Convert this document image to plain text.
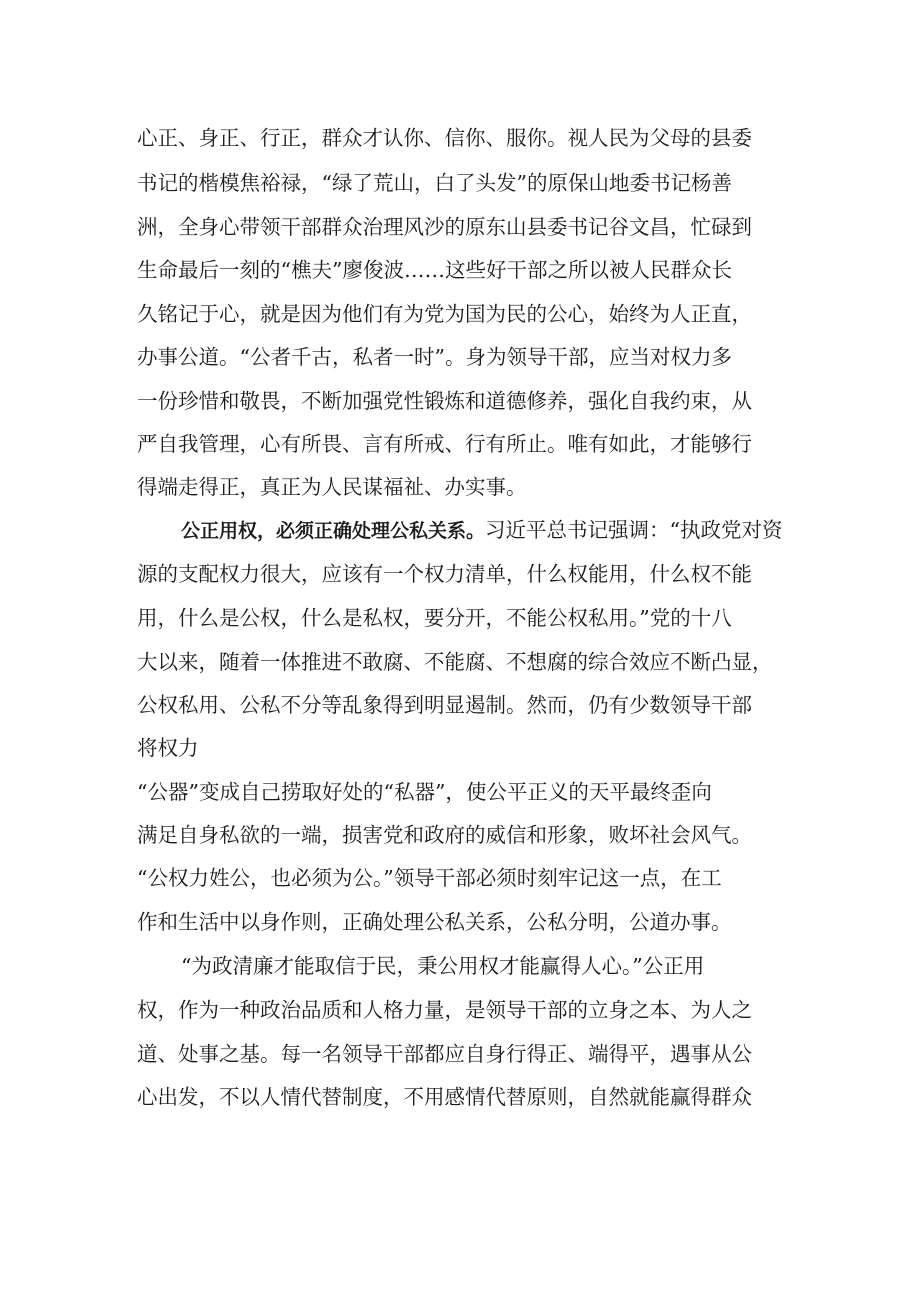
心正、身正、行正，群众才认你、信你、服你。视人民为父母的县委
书记的楷模焦裕禄，“绿了荒山，白了头发”的原保山地委书记杨善
洲，全身心带领干部群众治理风沙的原东山县委书记谷文昌，忙碌到
生命最后一刻的“樵夫”廖俊波……这些好干部之所以被人民群众长
久铭记于心，就是因为他们有为党为国为民的公心，始终为人正直，
办事公道。“公者千古，私者一时”。身为领导干部，应当对权力多
一份珍惜和敬畏，不断加强党性锻炼和道德修养，强化自我约束，从
严自我管理，心有所畏、言有所戒、行有所止。唯有如此，才能够行
得端走得正，真正为人民谋福祉、办实事。
公正用权，必须正确处理公私关系。习近平总书记强调：“执政党对资
源的支配权力很大，应该有一个权力清单，什么权能用，什么权不能
用，什么是公权，什么是私权，要分开，不能公权私用。”党的十八
大以来，随着一体推进不敢腐、不能腐、不想腐的综合效应不断凸显，
公权私用、公私不分等乱象得到明显遏制。然而，仍有少数领导干部
将权力
“公器”变成自己捞取好处的“私器”，使公平正义的天平最终歪向
满足自身私欲的一端，损害党和政府的威信和形象，败坏社会风气。
“公权力姓公，也必须为公。”领导干部必须时刻牢记这一点，在工
作和生活中以身作则，正确处理公私关系，公私分明，公道办事。
“为政清廉才能取信于民，秉公用权才能赢得人心。”公正用
权，作为一种政治品质和人格力量，是领导干部的立身之本、为人之
道、处事之基。每一名领导干部都应自身行得正、端得平，遇事从公
心出发，不以人情代替制度，不用感情代替原则，自然就能赢得群众
